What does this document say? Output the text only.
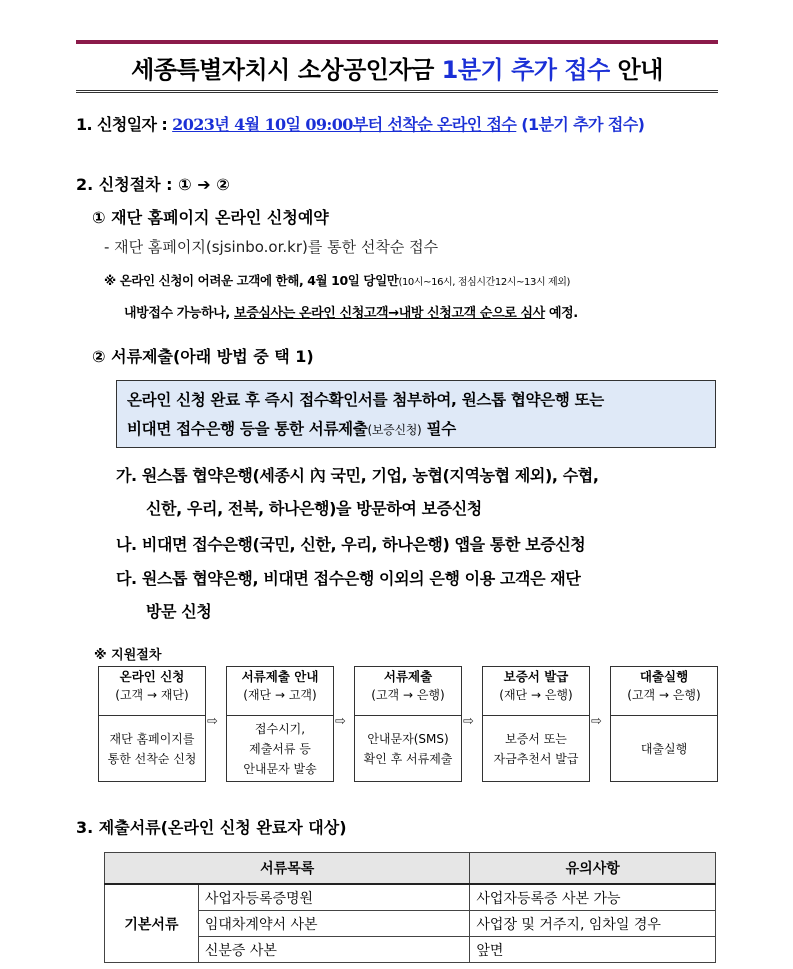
세종특별자치시 소상공인자금 1분기 추가 접수 안내
1. 신청일자 : 2023년 4월 10일 09:00부터 선착순 온라인 접수 (1분기 추가 접수)
2. 신청절차 : ① ➔ ②
① 재단 홈페이지 온라인 신청예약
- 재단 홈페이지(sjsinbo.or.kr)를 통한 선착순 접수
※ 온라인 신청이 어려운 고객에 한해, 4월 10일 당일만(10시~16시, 점심시간12시~13시 제외)
내방접수 가능하나, 보증심사는 온라인 신청고객→내방 신청고객 순으로 심사 예정.
② 서류제출(아래 방법 중 택 1)
온라인 신청 완료 후 즉시 접수확인서를 첨부하여, 원스톱 협약은행 또는
비대면 접수은행 등을 통한 서류제출(보증신청) 필수
가. 원스톱 협약은행(세종시 內 국민, 기업, 농협(지역농협 제외), 수협,
신한, 우리, 전북, 하나은행)을 방문하여 보증신청
나. 비대면 접수은행(국민, 신한, 우리, 하나은행) 앱을 통한 보증신청
다. 원스톱 협약은행, 비대면 접수은행 이외의 은행 이용 고객은 재단
방문 신청
※ 지원절차
온라인 신청
(고객 → 재단)
재단 홈페이지를
통한 선착순 신청
⇨
서류제출 안내
(재단 → 고객)
접수시기,
제출서류 등
안내문자 발송
⇨
서류제출
(고객 → 은행)
안내문자(SMS)
확인 후 서류제출
⇨
보증서 발급
(재단 → 은행)
보증서 또는
자금추천서 발급
⇨
대출실행
(고객 → 은행)
대출실행
3. 제출서류(온라인 신청 완료자 대상)
서류목록		유의사항
기본서류	사업자등록증명원	사업자등록증 사본 가능
	임대차계약서 사본	사업장 및 거주지, 임차일 경우
	신분증 사본	앞면
